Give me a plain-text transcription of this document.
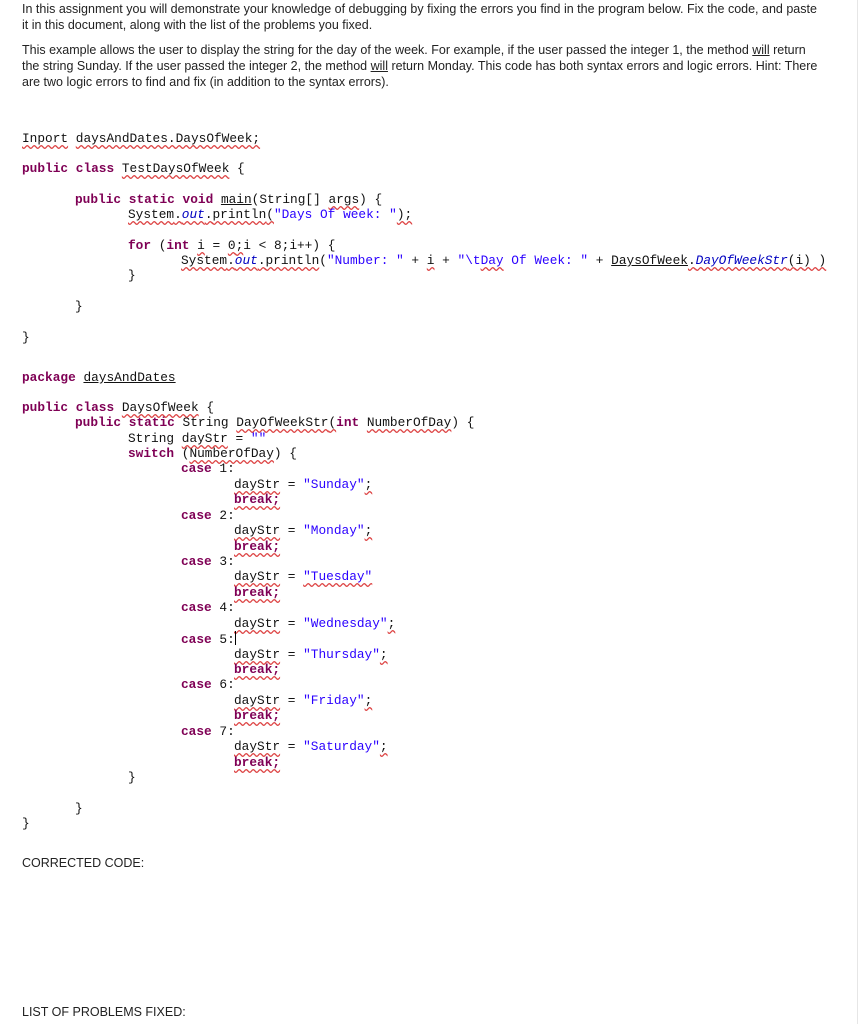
In this assignment you will demonstrate your knowledge of debugging by fixing the errors you find in the program below. Fix the code, and paste it in this document, along with the list of the problems you fixed.

This example allows the user to display the string for the day of the week. For example, if the user passed the integer 1, the method will return the string Sunday. If the user passed the integer 2, the method will return Monday. This code has both syntax errors and logic errors. Hint: There are two logic errors to find and fix (in addition to the syntax errors).

Inport daysAndDates.DaysOfWeek;
public class TestDaysOfWeek {
public static void main(String[] args) {
System.out.println("Days Of week: ");
for (int i = 0;i < 8;i++) {
System.out.println("Number: " + i + "\tDay Of Week: " + DaysOfWeek.DayOfWeekStr(i) )
}
}
}
package daysAndDates
public class DaysOfWeek {
public static String DayOfWeekStr(int NumberOfDay) {
String dayStr = ""
switch (NumberOfDay) {
case 1:
dayStr = "Sunday";
break;
case 2:
dayStr = "Monday";
break;
case 3:
dayStr = "Tuesday"
break;
case 4:
dayStr = "Wednesday";
case 5:
dayStr = "Thursday";
break;
case 6:
dayStr = "Friday";
break;
case 7:
dayStr = "Saturday";
break;
}
}
}
CORRECTED CODE:
LIST OF PROBLEMS FIXED:
